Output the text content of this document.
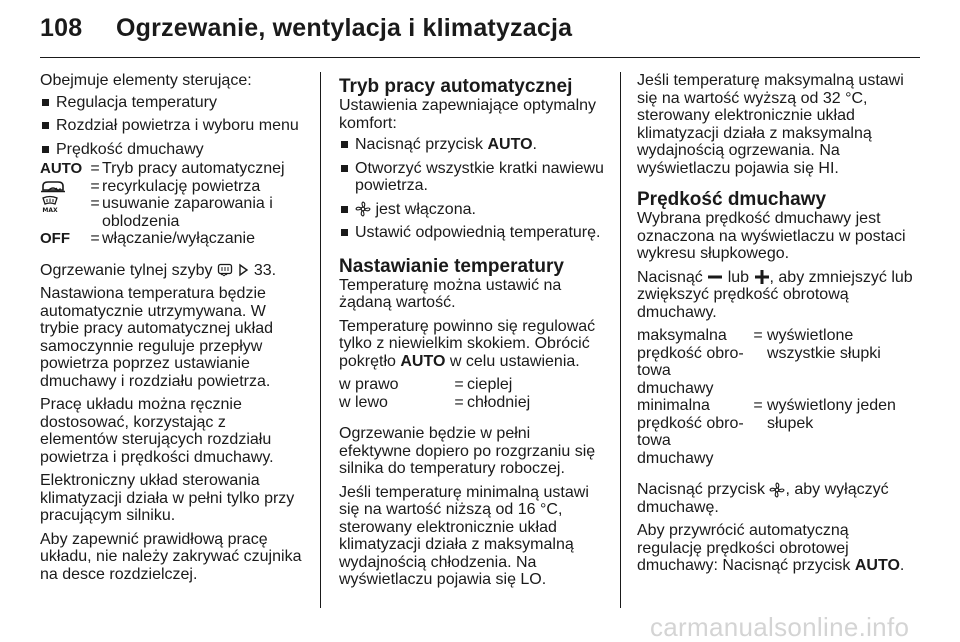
108 Ogrzewanie, wentylacja i klimatyzacja

Obejmuje elementy sterujące:

Regulacja temperatury
Rozdział powietrza i wyboru menu
Prędkość dmuchawy
AUTO = Tryb pracy automatycznej
= recyrkulację powietrza
MAX = usuwanie zaparowania i oblodzenia
OFF	= włączanie/wyłączanie

Ogrzewanie tylnej szyby   33.

Nastawiona temperatura będzie automatycznie utrzymywana. W trybie pracy automatycznej układ samoczynnie reguluje przepływ powietrza poprzez ustawianie dmuchawy i rozdziału powietrza.

Pracę układu można ręcznie dostosować, korzystając z elementów sterujących rozdziału powietrza i prędkości dmuchawy.

Elektroniczny układ sterowania klimatyzacji działa w pełni tylko przy pracującym silniku.

Aby zapewnić prawidłową pracę układu, nie należy zakrywać czujnika na desce rozdzielczej.

Tryb pracy automatycznej

Ustawienia zapewniające optymalny komfort:

Nacisnąć przycisk AUTO.
Otworzyć wszystkie kratki nawiewu powietrza.
jest włączona.
Ustawić odpowiednią temperaturę.
Nastawianie temperatury

Temperaturę można ustawić na żądaną wartość.

Temperaturę powinno się regulować tylko z niewielkim skokiem. Obrócić pokrętło AUTO w celu ustawienia.

w prawo	= cieplej
w lewo	= chłodniej

Ogrzewanie będzie w pełni efektywne dopiero po rozgrzaniu się silnika do temperatury roboczej.

Jeśli temperaturę minimalną ustawi się na wartość niższą od 16 °C, sterowany elektronicznie układ klimatyzacji działa z maksymalną wydajnością chłodzenia. Na wyświetlaczu pojawia się LO.

Jeśli temperaturę maksymalną ustawi się na wartość wyższą od 32 °C, sterowany elektronicznie układ klimatyzacji działa z maksymalną wydajnością ogrzewania. Na wyświetlaczu pojawia się HI.

Prędkość dmuchawy

Wybrana prędkość dmuchawy jest oznaczona na wyświetlaczu w postaci wykresu słupkowego.

Nacisnąć  lub , aby zmniejszyć lub zwiększyć prędkość obrotową dmuchawy.

maksymalna prędkość obro-towa dmuchawy
= wyświetlone wszystkie słupki
minimalna prędkość obro-towa dmuchawy
= wyświetlony jeden słupek

Nacisnąć przycisk , aby wyłączyć dmuchawę.

Aby przywrócić automatyczną regulację prędkości obrotowej dmuchawy: Nacisnąć przycisk AUTO.

carmanualsonline.info
